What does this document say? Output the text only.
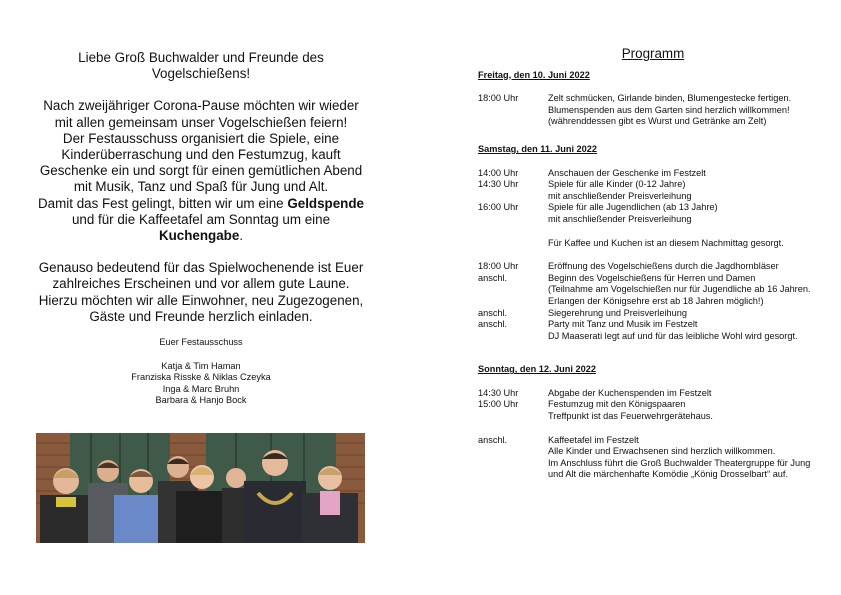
Liebe Groß Buchwalder und Freunde des Vogelschießens!

Nach zweijähriger Corona-Pause möchten wir wieder mit allen gemeinsam unser Vogelschießen feiern!

Der Festausschuss organisiert die Spiele, eine Kinderüberraschung und den Festumzug, kauft Geschenke ein und sorgt für einen gemütlichen Abend mit Musik, Tanz und Spaß für Jung und Alt.

Damit das Fest gelingt, bitten wir um eine Geldspende und für die Kaffeetafel am Sonntag um eine Kuchengabe.

Genauso bedeutend für das Spielwochenende ist Euer zahlreiches Erscheinen und vor allem gute Laune. Hierzu möchten wir alle Einwohner, neu Zugezogenen, Gäste und Freunde herzlich einladen.

Euer Festausschuss
Katja & Tim Haman
Franziska Risske & Niklas Czeyka
Inga & Marc Bruhn
Barbara & Hanjo Bock
Programm
Freitag, den 10. Juni 2022
18:00 Uhr	Zelt schmücken, Girlande binden, Blumengestecke fertigen. Blumenspenden aus dem Garten sind herzlich willkommen!
(währenddessen gibt es Wurst und Getränke am Zelt)
Samstag, den 11. Juni 2022
14:00 Uhr	Anschauen der Geschenke im Festzelt
14:30 Uhr	Spiele für alle Kinder (0-12 Jahre)
mit anschließender Preisverleihung
16:00 Uhr	Spiele für alle Jugendlichen (ab 13 Jahre)
mit anschließender Preisverleihung
Für Kaffee und Kuchen ist an diesem Nachmittag gesorgt.
18:00 Uhr	Eröffnung des Vogelschießens durch die Jagdhornbläser
anschl.	Beginn des Vogelschießens für Herren und Damen
(Teilnahme am Vogelschießen nur für Jugendliche ab 16 Jahren. Erlangen der Königsehre erst ab 18 Jahren möglich!)
anschl.	Siegerehrung und Preisverleihung
anschl.	Party mit Tanz und Musik im Festzelt
DJ Maaserati legt auf und für das leibliche Wohl wird gesorgt.
Sonntag, den 12. Juni 2022
14:30 Uhr	Abgabe der Kuchenspenden im Festzelt
15:00 Uhr	Festumzug mit den Königspaaren
Treffpunkt ist das Feuerwehrgerätehaus.
anschl.	Kaffeetafel im Festzelt
Alle Kinder und Erwachsenen sind herzlich willkommen.
Im Anschluss führt die Groß Buchwalder Theatergruppe für Jung und Alt die märchenhafte Komödie „König Drosselbart“ auf.
